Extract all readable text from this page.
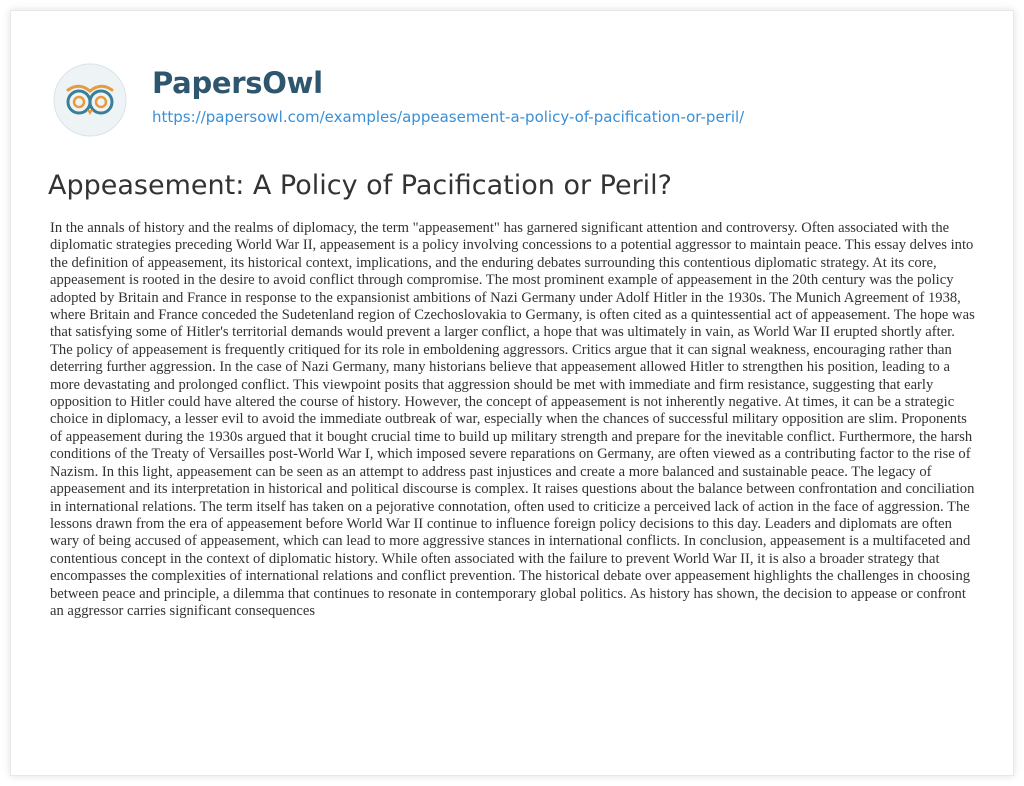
PapersOwl
https://papersowl.com/examples/appeasement-a-policy-of-pacification-or-peril/
Appeasement: A Policy of Pacification or Peril?

In the annals of history and the realms of diplomacy, the term "appeasement" has garnered significant attention and controversy. Often associated with the diplomatic strategies preceding World War II, appeasement is a policy involving concessions to a potential aggressor to maintain peace. This essay delves into the definition of appeasement, its historical context, implications, and the enduring debates surrounding this contentious diplomatic strategy. At its core, appeasement is rooted in the desire to avoid conflict through compromise. The most prominent example of appeasement in the 20th century was the policy adopted by Britain and France in response to the expansionist ambitions of Nazi Germany under Adolf Hitler in the 1930s. The Munich Agreement of 1938, where Britain and France conceded the Sudetenland region of Czechoslovakia to Germany, is often cited as a quintessential act of appeasement. The hope was that satisfying some of Hitler's territorial demands would prevent a larger conflict, a hope that was ultimately in vain, as World War II erupted shortly after. The policy of appeasement is frequently critiqued for its role in emboldening aggressors. Critics argue that it can signal weakness, encouraging rather than deterring further aggression. In the case of Nazi Germany, many historians believe that appeasement allowed Hitler to strengthen his position, leading to a more devastating and prolonged conflict. This viewpoint posits that aggression should be met with immediate and firm resistance, suggesting that early opposition to Hitler could have altered the course of history. However, the concept of appeasement is not inherently negative. At times, it can be a strategic choice in diplomacy, a lesser evil to avoid the immediate outbreak of war, especially when the chances of successful military opposition are slim. Proponents of appeasement during the 1930s argued that it bought crucial time to build up military strength and prepare for the inevitable conflict. Furthermore, the harsh conditions of the Treaty of Versailles post-World War I, which imposed severe reparations on Germany, are often viewed as a contributing factor to the rise of Nazism. In this light, appeasement can be seen as an attempt to address past injustices and create a more balanced and sustainable peace. The legacy of appeasement and its interpretation in historical and political discourse is complex. It raises questions about the balance between confrontation and conciliation in international relations. The term itself has taken on a pejorative connotation, often used to criticize a perceived lack of action in the face of aggression. The lessons drawn from the era of appeasement before World War II continue to influence foreign policy decisions to this day. Leaders and diplomats are often wary of being accused of appeasement, which can lead to more aggressive stances in international conflicts. In conclusion, appeasement is a multifaceted and contentious concept in the context of diplomatic history. While often associated with the failure to prevent World War II, it is also a broader strategy that encompasses the complexities of international relations and conflict prevention. The historical debate over appeasement highlights the challenges in choosing between peace and principle, a dilemma that continues to resonate in contemporary global politics. As history has shown, the decision to appease or confront an aggressor carries significant consequences
